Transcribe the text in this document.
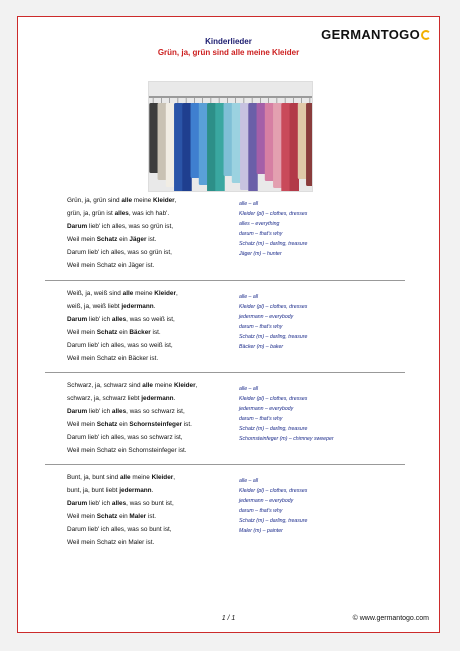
GERMANTOGO
Kinderlieder
Grün, ja, grün sind alle meine Kleider
Grün, ja, grün sind alle meine Kleider,
grün, ja, grün ist alles, was ich hab'.
Darum lieb' ich alles, was so grün ist,
Weil mein Schatz ein Jäger ist.
Darum lieb' ich alles, was so grün ist,
Weil mein Schatz ein Jäger ist.
alle – all
Kleider (pl) – clothes, dresses
alles – everything
darum – that's why
Schatz (m) – darling, treasure
Jäger (m) – hunter
Weiß, ja, weiß sind alle meine Kleider,
weiß, ja, weiß liebt jedermann.
Darum lieb' ich alles, was so weiß ist,
Weil mein Schatz ein Bäcker ist.
Darum lieb' ich alles, was so weiß ist,
Weil mein Schatz ein Bäcker ist.
alle – all
Kleider (pl) – clothes, dresses
jedermann – everybody
darum – that's why
Schatz (m) – darling, treasure
Bäcker (m) – baker
Schwarz, ja, schwarz sind alle meine Kleider,
schwarz, ja, schwarz liebt jedermann.
Darum lieb' ich alles, was so schwarz ist,
Weil mein Schatz ein Schornsteinfeger ist.
Darum lieb' ich alles, was so schwarz ist,
Weil mein Schatz ein Schornsteinfeger ist.
alle – all
Kleider (pl) – clothes, dresses
jedermann – everybody
darum – that's why
Schatz (m) – darling, treasure
Schornsteinfeger (m) – chimney sweeper
Bunt, ja, bunt sind alle meine Kleider,
bunt, ja, bunt liebt jedermann.
Darum lieb' ich alles, was so bunt ist,
Weil mein Schatz ein Maler ist.
Darum lieb' ich alles, was so bunt ist,
Weil mein Schatz ein Maler ist.
alle – all
Kleider (pl) – clothes, dresses
jedermann – everybody
darum – that's why
Schatz (m) – darling, treasure
Maler (m) – painter
1 / 1	© www.germantogo.com
